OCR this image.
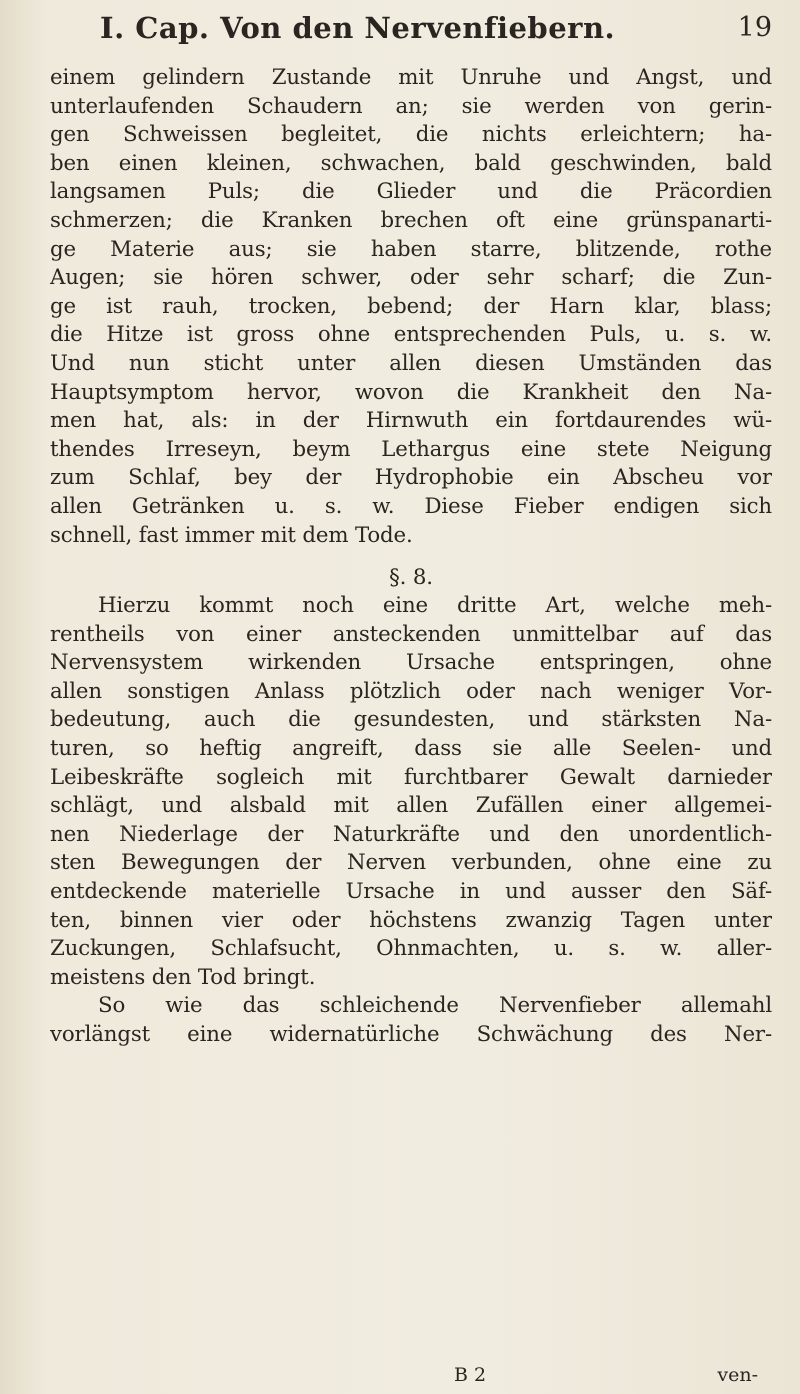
I. Cap. Von den Nervenfiebern.	19
einem gelindern Zustande mit Unruhe und Angst, und
unterlaufenden Schaudern an; sie werden von gerin-
gen Schweissen begleitet, die nichts erleichtern; ha-
ben einen kleinen, schwachen, bald geschwinden, bald
langsamen Puls; die Glieder und die Präcordien
schmerzen; die Kranken brechen oft eine grünspanarti-
ge Materie aus; sie haben starre, blitzende, rothe
Augen; sie hören schwer, oder sehr scharf; die Zun-
ge ist rauh, trocken, bebend; der Harn klar, blass;
die Hitze ist gross ohne entsprechenden Puls, u. s. w.
Und nun sticht unter allen diesen Umständen das
Hauptsymptom hervor, wovon die Krankheit den Na-
men hat, als: in der Hirnwuth ein fortdaurendes wü-
thendes Irreseyn, beym Lethargus eine stete Neigung
zum Schlaf, bey der Hydrophobie ein Abscheu vor
allen Getränken u. s. w. Diese Fieber endigen sich
schnell, fast immer mit dem Tode.
§. 8.
Hierzu kommt noch eine dritte Art, welche meh-
rentheils von einer ansteckenden unmittelbar auf das
Nervensystem wirkenden Ursache entspringen, ohne
allen sonstigen Anlass plötzlich oder nach weniger Vor-
bedeutung, auch die gesundesten, und stärksten Na-
turen, so heftig angreift, dass sie alle Seelen- und
Leibeskräfte sogleich mit furchtbarer Gewalt darnieder
schlägt, und alsbald mit allen Zufällen einer allgemei-
nen Niederlage der Naturkräfte und den unordentlich-
sten Bewegungen der Nerven verbunden, ohne eine zu
entdeckende materielle Ursache in und ausser den Säf-
ten, binnen vier oder höchstens zwanzig Tagen unter
Zuckungen, Schlafsucht, Ohnmachten, u. s. w. aller-
meistens den Tod bringt.
So wie das schleichende Nervenfieber allemahl
vorlängst eine widernatürliche Schwächung des Ner-
B 2	ven-
